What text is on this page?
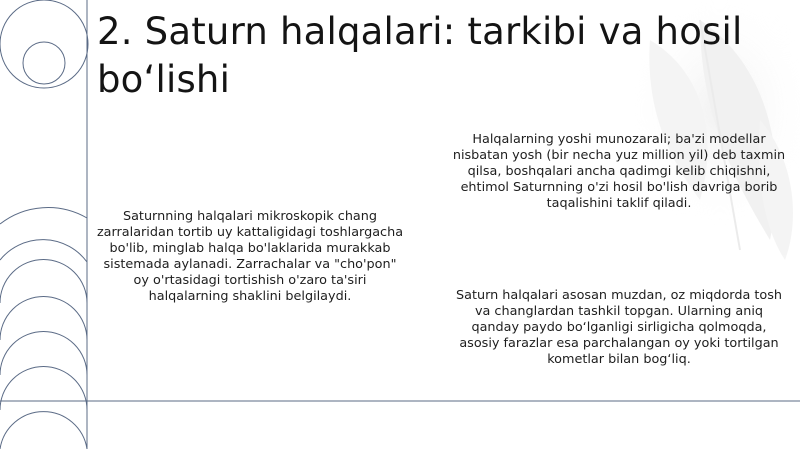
2. Saturn halqalari: tarkibi va hosil bo‘lishi

Saturnning halqalari mikroskopik chang zarralaridan tortib uy kattaligidagi toshlargacha bo'lib, minglab halqa bo'laklarida murakkab sistemada aylanadi. Zarrachalar va "cho'pon" oy o'rtasidagi tortishish o'zaro ta'siri halqalarning shaklini belgilaydi.

Halqalarning yoshi munozarali; ba'zi modellar nisbatan yosh (bir necha yuz million yil) deb taxmin qilsa, boshqalari ancha qadimgi kelib chiqishni, ehtimol Saturnning o'zi hosil bo'lish davriga borib taqalishini taklif qiladi.

Saturn halqalari asosan muzdan, oz miqdorda tosh va changlardan tashkil topgan. Ularning aniq qanday paydo bo‘lganligi sirligicha qolmoqda, asosiy farazlar esa parchalangan oy yoki tortilgan kometlar bilan bog‘liq.
